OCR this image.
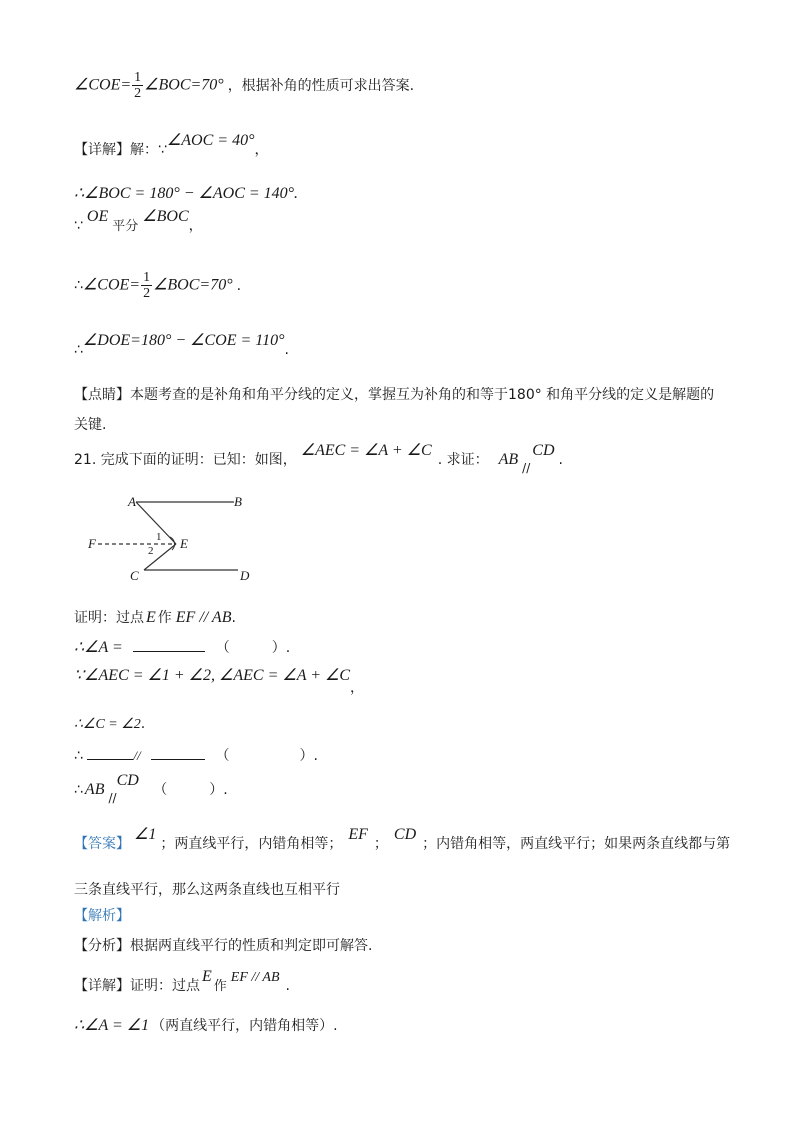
∠COE= $\frac{1}{2}$ ∠BOC=70° ，根据补角的性质可求出答案.
【详解】解：∵∠AOC = 40°，
∴∠BOC = 180° − ∠AOC = 140°.
∵OE平分∠BOC，
∴∠COE= $\frac{1}{2}$ ∠BOC=70° .
∴∠DOE=180° − ∠COE = 110°.
【点睛】本题考查的是补角和角平分线的定义，掌握互为补角的和等于180° 和角平分线的定义是解题的
关键.
21. 完成下面的证明：已知：如图，∠AEC = ∠A + ∠C. 求证： AB //CD.
A	B
E
F
C	D
1
2
证明：过点 E 作 EF // AB.
∴∠A =	（　　　）.
∵∠AEC = ∠1 + ∠2, ∠AEC = ∠A + ∠C，
∴∠C = ∠2.
∴	//	（　　　　　）.
∴ AB //CD （　　　）.
【答案】∠1；两直线平行，内错角相等；EF；CD；内错角相等，两直线平行；如果两条直线都与第
三条直线平行，那么这两条直线也互相平行
【解析】
【分析】根据两直线平行的性质和判定即可解答.
【详解】证明：过点E作EF // AB.
∴∠A = ∠1 （两直线平行，内错角相等）.
